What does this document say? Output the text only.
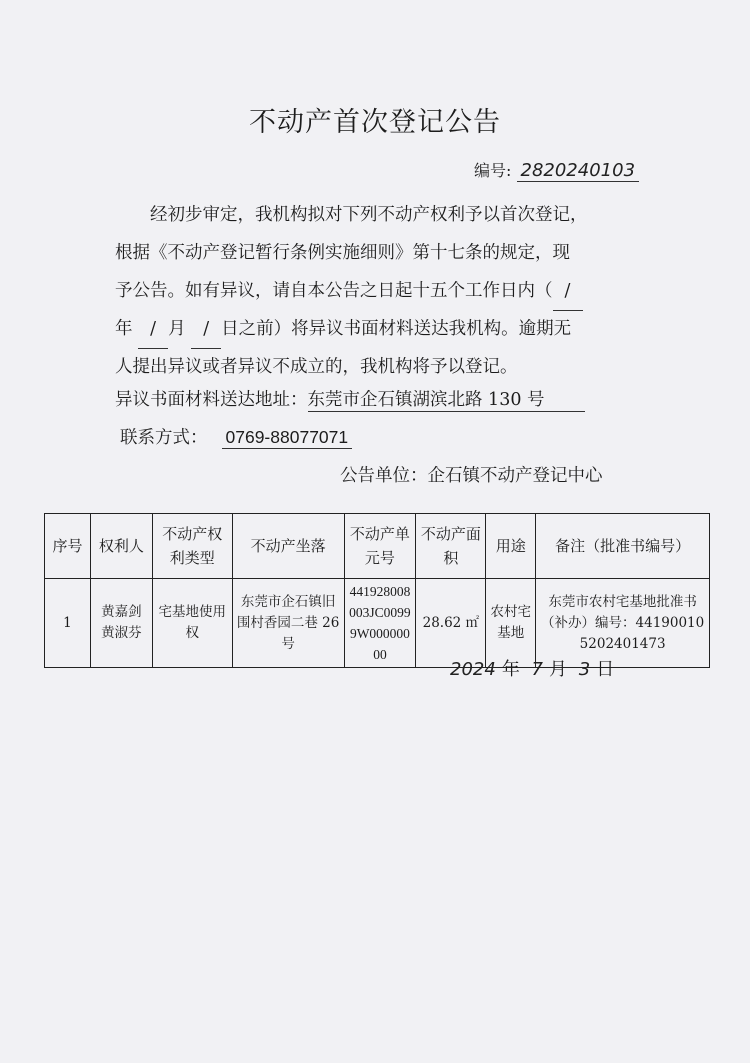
不动产首次登记公告
编号: 2820240103
经初步审定，我机构拟对下列不动产权利予以首次登记，
根据《不动产登记暂行条例实施细则》第十七条的规定，现
予公告。如有异议，请自本公告之日起十五个工作日内（ /
年 / 月 / 日之前）将异议书面材料送达我机构。逾期无
人提出异议或者异议不成立的，我机构将予以登记。
异议书面材料送达地址：东莞市企石镇湖滨北路 130 号
联系方式： 0769-88077071
公告单位：企石镇不动产登记中心
序号	权利人	不动产权利类型	不动产坐落	不动产单元号	不动产面积	用途	备注（批准书编号）
1	黄嘉剑
黄淑芬	宅基地使用权	东莞市企石镇旧围村香园二巷 26 号	441928008003JC00999W00000000	28.62 ㎡	农村宅基地	东莞市农村宅基地批准书（补办）编号：441900105202401473
2024 年 7 月 3 日
